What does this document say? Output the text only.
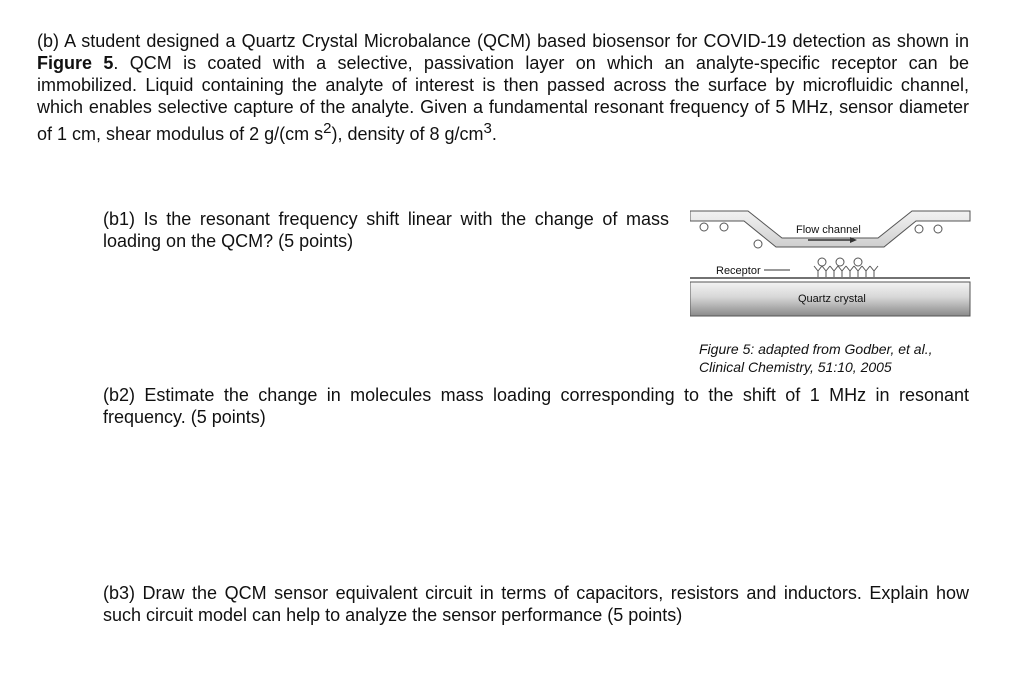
(b) A student designed a Quartz Crystal Microbalance (QCM) based biosensor for COVID-19 detection as shown in Figure 5. QCM is coated with a selective, passivation layer on which an analyte-specific receptor can be immobilized. Liquid containing the analyte of interest is then passed across the surface by microfluidic channel, which enables selective capture of the analyte. Given a fundamental resonant frequency of 5 MHz, sensor diameter of 1 cm, shear modulus of 2 g/(cm $s^2$), density of 8 $g/cm^3$.

(b1) Is the resonant frequency shift linear with the change of mass loading on the QCM? (5 points)

Flow channel
Receptor
Quartz crystal

Figure 5: adapted from Godber, et al., Clinical Chemistry, 51:10, 2005

(b2) Estimate the change in molecules mass loading corresponding to the shift of 1 MHz in resonant frequency. (5 points)

(b3) Draw the QCM sensor equivalent circuit in terms of capacitors, resistors and inductors. Explain how such circuit model can help to analyze the sensor performance (5 points)
